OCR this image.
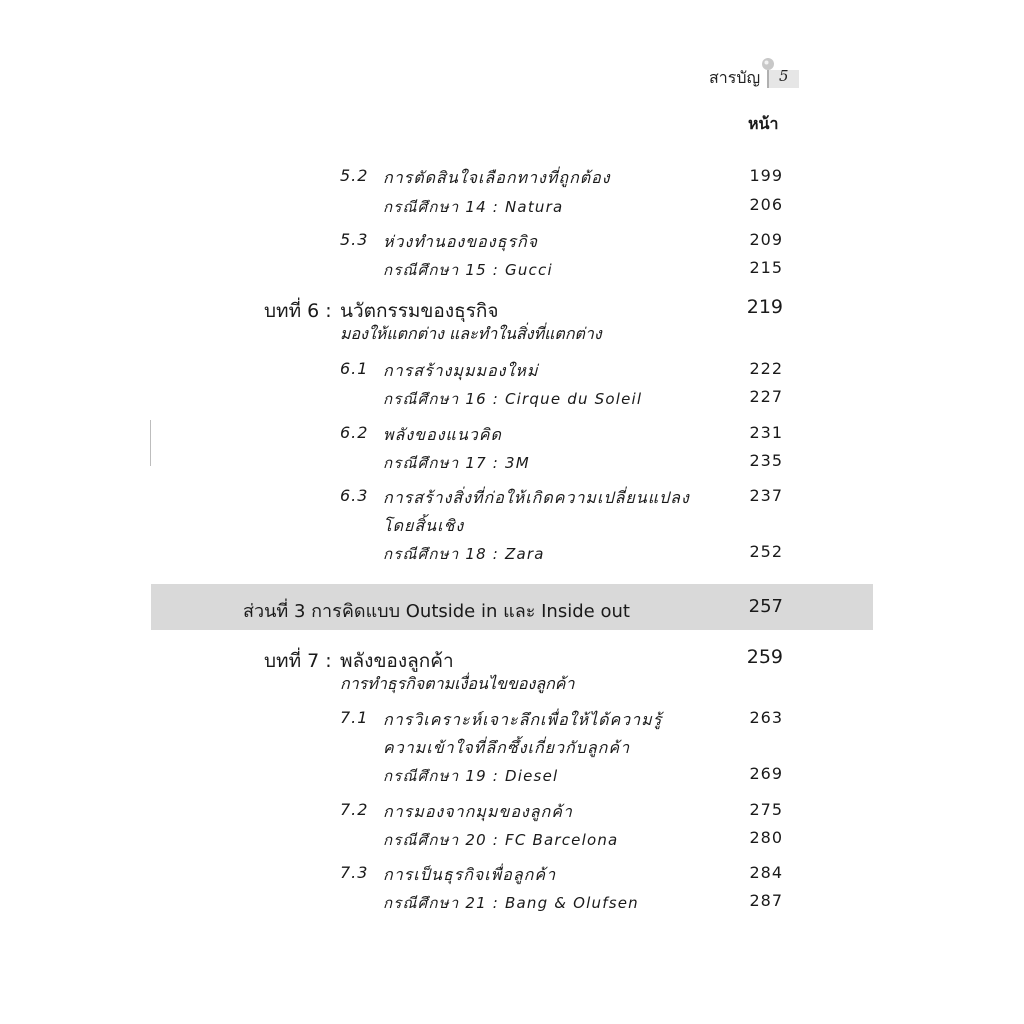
สารบัญ 5
หน้า
5.2 การตัดสินใจเลือกทางที่ถูกต้อง	199
กรณีศึกษา 14 : Natura	206
5.3 ห่วงทำนองของธุรกิจ	209
กรณีศึกษา 15 : Gucci	215
บทที่ 6 : นวัตกรรมของธุรกิจ	219
มองให้แตกต่าง และทำในสิ่งที่แตกต่าง
6.1 การสร้างมุมมองใหม่	222
กรณีศึกษา 16 : Cirque du Soleil	227
6.2 พลังของแนวคิด	231
กรณีศึกษา 17 : 3M	235
6.3 การสร้างสิ่งที่ก่อให้เกิดความเปลี่ยนแปลง	237
โดยสิ้นเชิง
กรณีศึกษา 18 : Zara	252
ส่วนที่ 3 การคิดแบบ Outside in และ Inside out	257
บทที่ 7 : พลังของลูกค้า	259
การทำธุรกิจตามเงื่อนไขของลูกค้า
7.1 การวิเคราะห์เจาะลึกเพื่อให้ได้ความรู้	263
ความเข้าใจที่ลึกซึ้งเกี่ยวกับลูกค้า
กรณีศึกษา 19 : Diesel	269
7.2 การมองจากมุมของลูกค้า	275
กรณีศึกษา 20 : FC Barcelona	280
7.3 การเป็นธุรกิจเพื่อลูกค้า	284
กรณีศึกษา 21 : Bang & Olufsen	287
